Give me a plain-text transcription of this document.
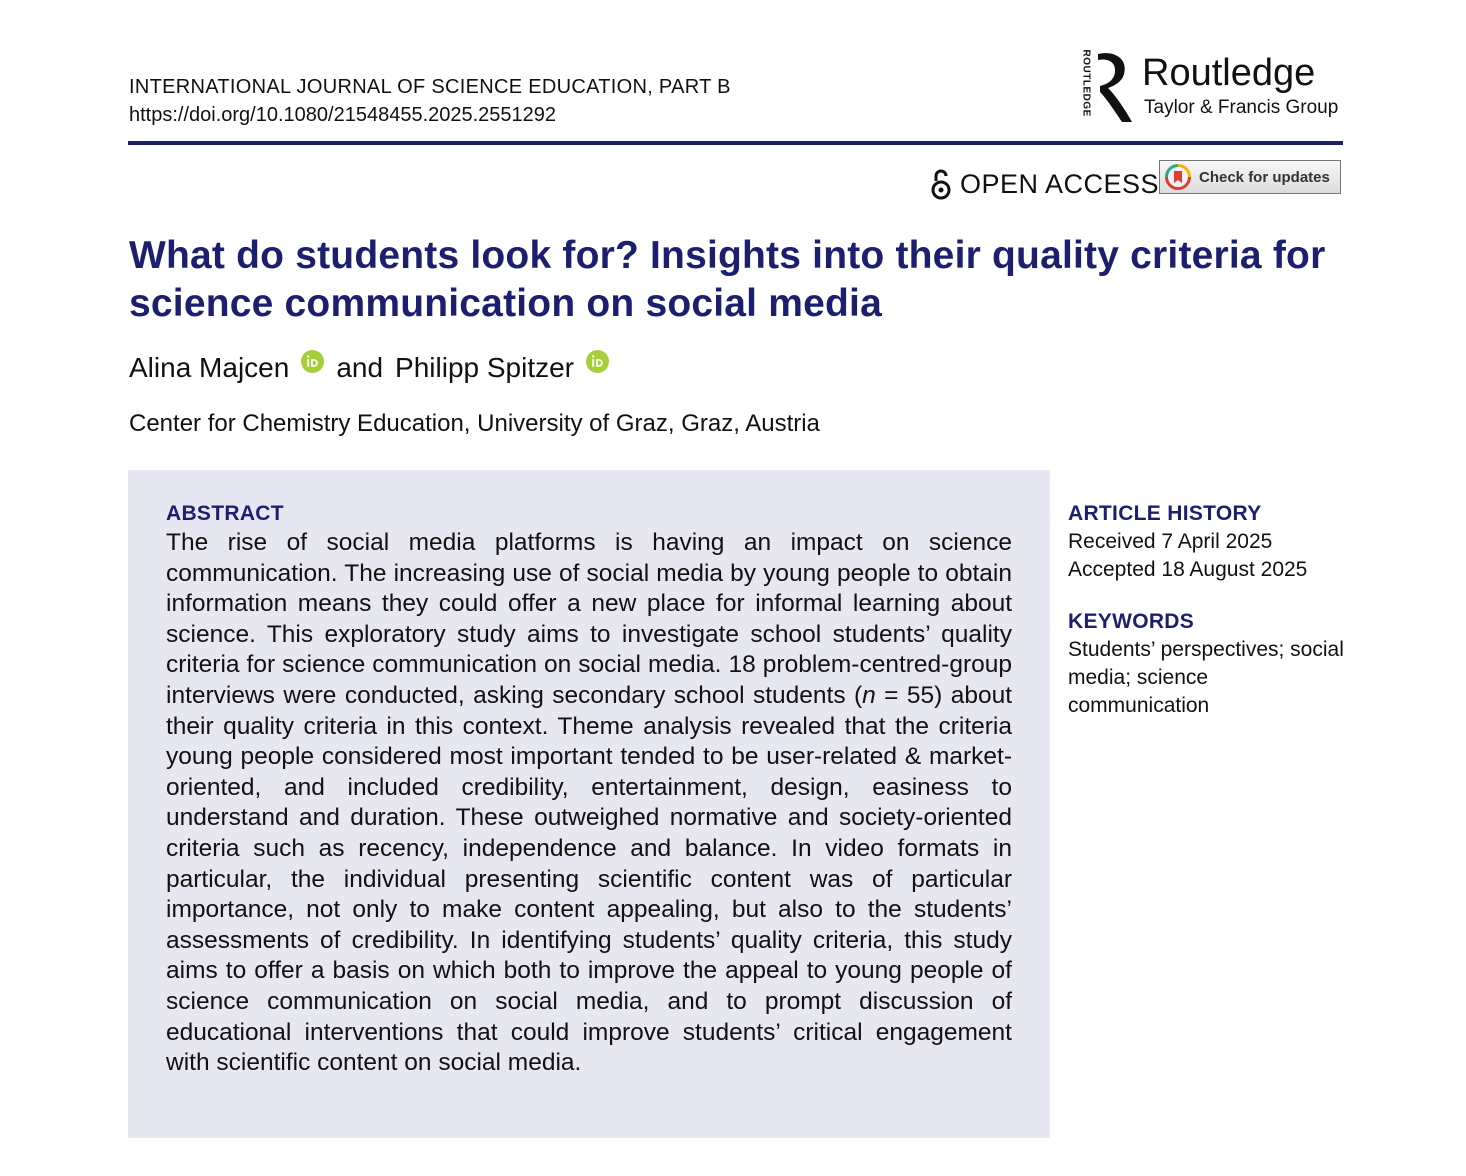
INTERNATIONAL JOURNAL OF SCIENCE EDUCATION, PART B
https://doi.org/10.1080/21548455.2025.2551292	ROUTLEDGE Routledge
Taylor & Francis Group
OPEN ACCESS	Check for updates
What do students look for? Insights into their quality criteria for science communication on social media
Alina Majcen and Philipp Spitzer
Center for Chemistry Education, University of Graz, Graz, Austria
ABSTRACT

The rise of social media platforms is having an impact on science communication. The increasing use of social media by young people to obtain information means they could offer a new place for informal learning about science. This exploratory study aims to investigate school students’ quality criteria for science communication on social media. 18 problem-centred-group interviews were conducted, asking secondary school students (n = 55) about their quality criteria in this context. Theme analysis revealed that the criteria young people considered most important tended to be user-related & market-oriented, and included credibility, entertainment, design, easiness to understand and duration. These outweighed normative and society-oriented criteria such as recency, independence and balance. In video formats in particular, the individual presenting scientific content was of particular importance, not only to make content appealing, but also to the students’ assessments of credibility. In identifying students’ quality criteria, this study aims to offer a basis on which both to improve the appeal to young people of science communication on social media, and to prompt discussion of educational interventions that could improve students’ critical engagement with scientific content on social media.

ARTICLE HISTORY
Received 7 April 2025
Accepted 18 August 2025
KEYWORDS
Students’ perspectives; social media; science communication
